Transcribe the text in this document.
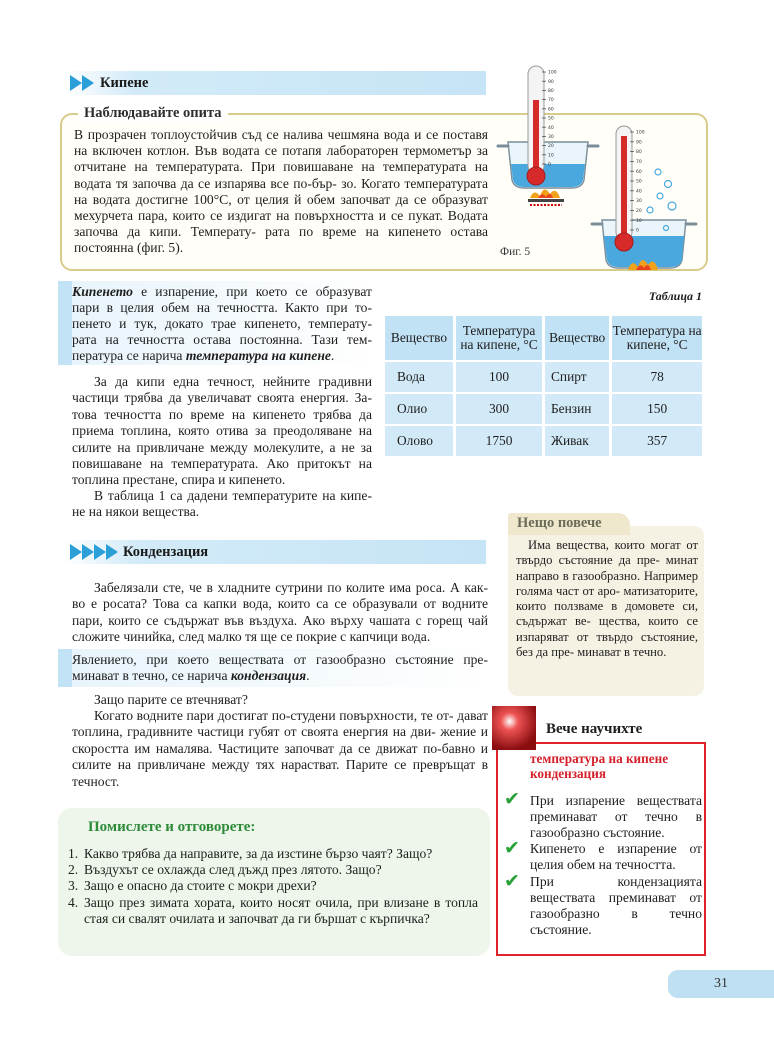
Кипене
Наблюдавайте опита
В прозрачен топлоустойчив съд се налива чешмяна вода и се поставя на включен котлон. Във водата се потапя лабораторен термометър за отчитане на температурата. При повишаване на температурата на водата тя започва да се изпарява все по-бър- зо. Когато температурата на водата достигне 100°С, от целия й обем започват да се образуват мехурчета пара, които се издигат на повърхността и се пукат. Водата започва да кипи. Температу- рата по време на кипенето остава постоянна (фиг. 5).
100
90
80
70
60
50
40
30
20
10
0
100
90
80
70
60
50
40
30
20
10
0
Фиг. 5
Кипенето е изпарение, при което се образуват пари в целия обем на течността. Както при то- пенето и тук, докато трае кипенето, температу- рата на течността остава постоянна. Тази тем- пература се нарича температура на кипене.
За да кипи една течност, нейните градивни частици трябва да увеличават своята енергия. За- това течността по време на кипенето трябва да приема топлина, която отива за преодоляване на силите на привличане между молекулите, а не за повишаване на температурата. Ако притокът на топлина престане, спира и кипенето.
В таблица 1 са дадени температурите на кипе- не на някои вещества.
Таблица 1
Вещество	Температура на кипене, °С	Вещество	Температура на кипене, °С
Вода	100	Спирт	78
Олио	300	Бензин	150
Олово	1750	Живак	357
Кондензация
Забелязали сте, че в хладните сутрини по колите има роса. А как- во е росата? Това са капки вода, които са се образували от водните пари, които се съдържат във въздуха. Ако върху чашата с горещ чай сложите чинийка, след малко тя ще се покрие с капчици вода.
Явлението, при което веществата от газообразно състояние пре- минават в течно, се нарича кондензация.
Защо парите се втечняват?
Когато водните пари достигат по-студени повърхности, те от- дават топлина, градивните частици губят от своята енергия на дви- жение и скоростта им намалява. Частиците започват да се движат по-бавно и силите на привличане между тях нарастват. Парите се превръщат в течност.
Нещо повече
Има вещества, които могат от твърдо състояние да пре- минат направо в газообразно. Например голяма част от аро- матизаторите, които ползваме в домовете си, съдържат ве- щества, които се изпаряват от твърдо състояние, без да пре- минават в течно.
Вече научихте
температура на кипене
кондензация
✔ При изпарение веществата преминават от течно в газообразно състояние.
✔ Кипенето е изпарение от целия обем на течността.
✔ При кондензацията веществата преминават от газообразно в течно състояние.
Помислете и отговорете:
1. Какво трябва да направите, за да изстине бързо чаят? Защо?
2. Въздухът се охлажда след дъжд през лятото. Защо?
3. Защо е опасно да стоите с мокри дрехи?
4. Защо през зимата хората, които носят очила, при влизане в топла стая си свалят очилата и започват да ги бършат с кърпичка?
31
